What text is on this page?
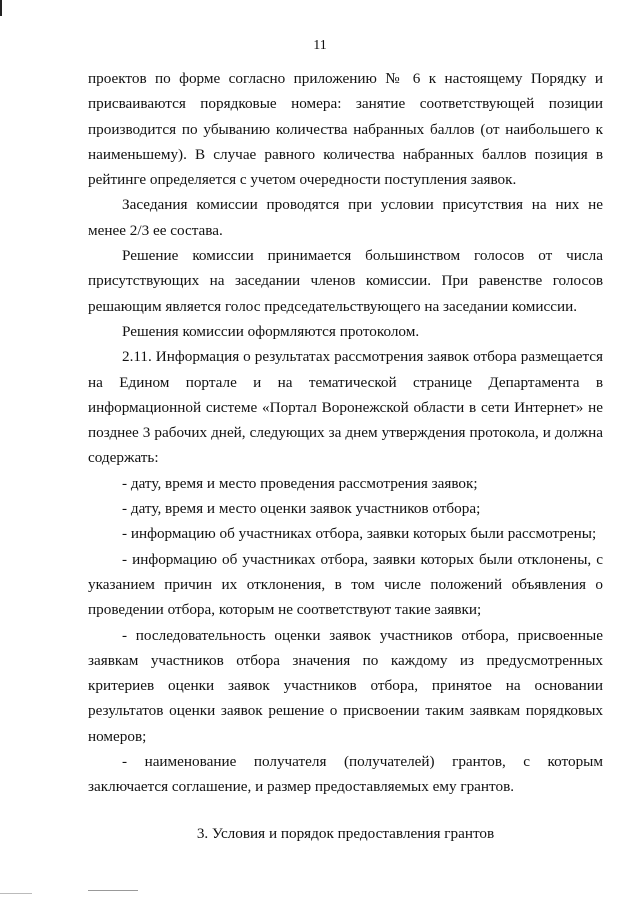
11

проектов по форме согласно приложению № 6 к настоящему Порядку и присваиваются порядковые номера: занятие соответствующей позиции производится по убыванию количества набранных баллов (от наибольшего к наименьшему). В случае равного количества набранных баллов позиция в рейтинге определяется с учетом очередности поступления заявок.

Заседания комиссии проводятся при условии присутствия на них не менее 2/3 ее состава.

Решение комиссии принимается большинством голосов от числа присутствующих на заседании членов комиссии. При равенстве голосов решающим является голос председательствующего на заседании комиссии.

Решения комиссии оформляются протоколом.

2.11. Информация о результатах рассмотрения заявок отбора размещается на Едином портале и на тематической странице Департамента в информационной системе «Портал Воронежской области в сети Интернет» не позднее 3 рабочих дней, следующих за днем утверждения протокола, и должна содержать:

- дату, время и место проведения рассмотрения заявок;

- дату, время и место оценки заявок участников отбора;

- информацию об участниках отбора, заявки которых были рассмотрены;

- информацию об участниках отбора, заявки которых были отклонены, с указанием причин их отклонения, в том числе положений объявления о проведении отбора, которым не соответствуют такие заявки;

- последовательность оценки заявок участников отбора, присвоенные заявкам участников отбора значения по каждому из предусмотренных критериев оценки заявок участников отбора, принятое на основании результатов оценки заявок решение о присвоении таким заявкам порядковых номеров;

- наименование получателя (получателей) грантов, с которым заключается соглашение, и размер предоставляемых ему грантов.

3. Условия и порядок предоставления грантов
